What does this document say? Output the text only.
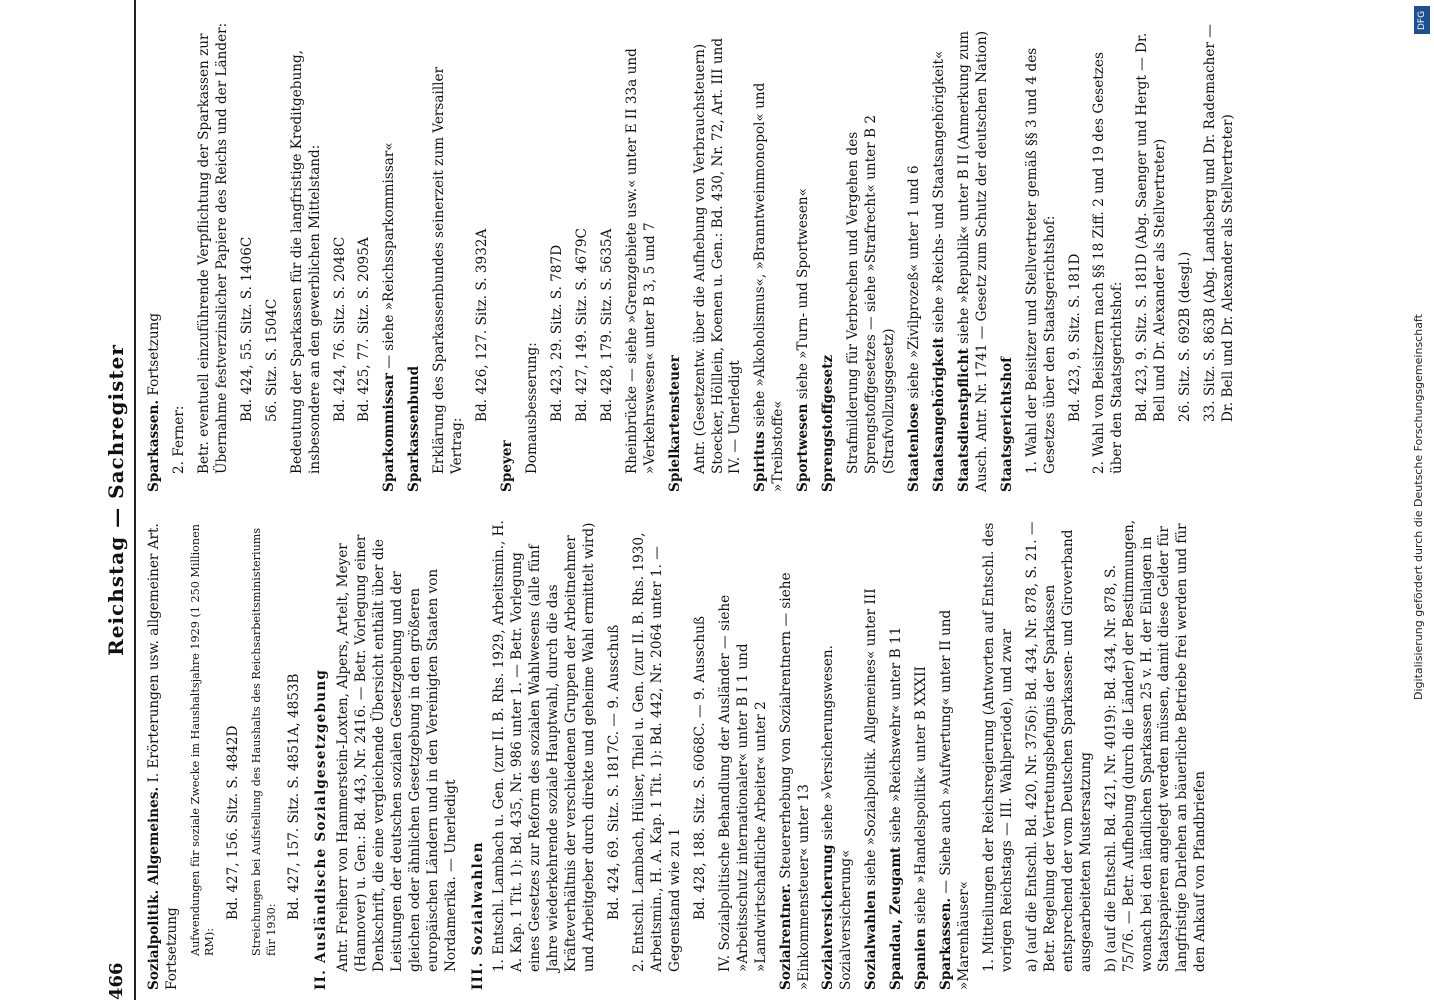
466
Reichstag — Sachregister
Sozialpolitik. Allgemeines. I. Erörterungen usw. allgemeiner Art. Fortsetzung Aufwendungen für soziale Zwecke im Haushaltsjahre 1929 (1 250 Millionen RM):
Bd. 427, 156. Sitz. S. 4842D Streichungen bei Aufstellung des Haushalts des Reichsarbeitsministeriums für 1930:
Bd. 427, 157. Sitz. S. 4851A, 4853B II. Ausländische Sozialgesetzgebung Antr. Freiherr von Hammerstein-Loxten, Alpers, Artelt, Meyer (Hannover) u. Gen.: Bd. 443, Nr. 2416. — Betr. Vorlegung einer Denkschrift, die eine vergleichende Übersicht enthält über die Leistungen der deutschen sozialen Gesetzgebung und der gleichen oder ähnlichen Gesetzgebung in den größeren europäischen Ländern und in den Vereinigten Staaten von Nordamerika. — Unerledigt III. Sozialwahlen 1. Entschl. Lambach u. Gen. (zur II. B. Rhs. 1929, Arbeitsmin., H. A. Kap. 1 Tit. 1): Bd. 435, Nr. 986 unter 1. — Betr. Vorlegung eines Gesetzes zur Reform des sozialen Wahlwesens (alle fünf Jahre wiederkehrende soziale Hauptwahl, durch die das Kräfteverhältnis der verschiedenen Gruppen der Arbeitnehmer und Arbeitgeber durch direkte und geheime Wahl ermittelt wird) Bd. 424, 69. Sitz. S. 1817C. — 9. Ausschuß 2. Entschl. Lambach, Hülser, Thiel u. Gen. (zur II. B. Rhs. 1930, Arbeitsmin., H. A. Kap. 1 Tit. 1): Bd. 442, Nr. 2064 unter 1. — Gegenstand wie zu 1 Bd. 428, 188. Sitz. S. 6068C. — 9. Ausschuß IV. Sozialpolitische Behandlung der Ausländer — siehe »Arbeitsschutz internationaler« unter B I 1 und »Landwirtschaftliche Arbeiter« unter 2 Sozialrentner. Steuererhebung von Sozialrentnern — siehe »Einkommensteuer« unter 13 Sozialversicherung siehe »Versicherungswesen. Sozialversicherung« Sozialwahlen siehe »Sozialpolitik. Allgemeines« unter III
Spandau, Zeugamt siehe »Reichswehr« unter B 11
Spanien siehe »Handelspolitik« unter B XXXII
Sparkassen. — Siehe auch »Aufwertung« unter II und »Marenhäuser« 1. Mitteilungen der Reichsregierung (Antworten auf Entschl. des vorigen Reichstags — III. Wahlperiode), und zwar a) (auf die Entschl. Bd. 420, Nr. 3756): Bd. 434, Nr. 878, S. 21. — Betr. Regelung der Vertretungsbefugnis der Sparkassen entsprechend der vom Deutschen Sparkassen- und Giroverband ausgearbeiteten Mustersatzung b) (auf die Entschl. Bd. 421, Nr. 4019): Bd. 434, Nr. 878, S. 75/76. — Betr. Aufhebung (durch die Länder) der Bestimmungen, wonach bei den ländlichen Sparkassen 25 v. H. der Einlagen in Staatspapieren angelegt werden müssen, damit diese Gelder für langfristige Darlehen an bäuerliche Betriebe frei werden und für den Ankauf von Pfandbriefen
Sparkassen. Fortsetzung
2. Ferner: Betr. eventuell einzuführende Verpflichtung der Sparkassen zur Übernahme festverzinslicher Papiere des Reichs und der Länder: Bd. 424, 55. Sitz. S. 1406C 56. Sitz. S. 1504C Bedeutung der Sparkassen für die langfristige Kreditgebung, insbesondere an den gewerblichen Mittelstand: Bd. 424, 76. Sitz. S. 2048C Bd. 425, 77. Sitz. S. 2095A
Sparkommissar — siehe »Reichssparkommissar«
Sparkassenbund Erklärung des Sparkassenbundes seinerzeit zum Versailler Vertrag:
Bd. 426, 127. Sitz. S. 3932A
Speyer Domausbesserung: Bd. 423, 29. Sitz. S. 787D Bd. 427, 149. Sitz. S. 4679C Bd. 428, 179. Sitz. S. 5635A Rheinbrücke — siehe »Grenzgebiete usw.« unter E II 33a und »Verkehrswesen« unter B 3, 5 und 7 Spielkartensteuer Antr. (Gesetzentw. über die Aufhebung von Verbrauchsteuern) Stoecker, Hölllein, Koenen u. Gen.: Bd. 430, Nr. 72, Art. III und IV. — Unerledigt Spiritus siehe »Alkoholismus«, »Branntweinmonopol« und »Treibstoffe« Sportwesen siehe »Turn- und Sportwesen«
Sprengstoffgesetz Strafmilderung für Verbrechen und Vergehen des Sprengstoffgesetzes — siehe »Strafrecht« unter B 2 (Strafvollzugsgesetz) Staatenlose siehe »Zivilprozeß« unter 1 und 6
Staatsangehörigkeit siehe »Reichs- und Staatsangehörigkeit«
Staatsdienstpflicht siehe »Republik« unter B II (Anmerkung zum Ausch. Antr. Nr. 1741 — Gesetz zum Schutz der deutschen Nation) Staatsgerichtshof 1. Wahl der Beisitzer und Stellvertreter gemäß §§ 3 und 4 des Gesetzes über den Staatsgerichtshof: Bd. 423, 9. Sitz. S. 181D 2. Wahl von Beisitzern nach §§ 18 Ziff. 2 und 19 des Gesetzes über den Staatsgerichtshof: Bd. 423, 9. Sitz. S. 181D (Abg. Saenger und Hergt — Dr. Bell und Dr. Alexander als Stellvertreter) 26. Sitz. S. 692B (desgl.) 33. Sitz. S. 863B (Abg. Landsberg und Dr. Rademacher — Dr. Bell und Dr. Alexander als Stellvertreter)
DFG
Digitalisierung gefördert durch die Deutsche Forschungsgemeinschaft
